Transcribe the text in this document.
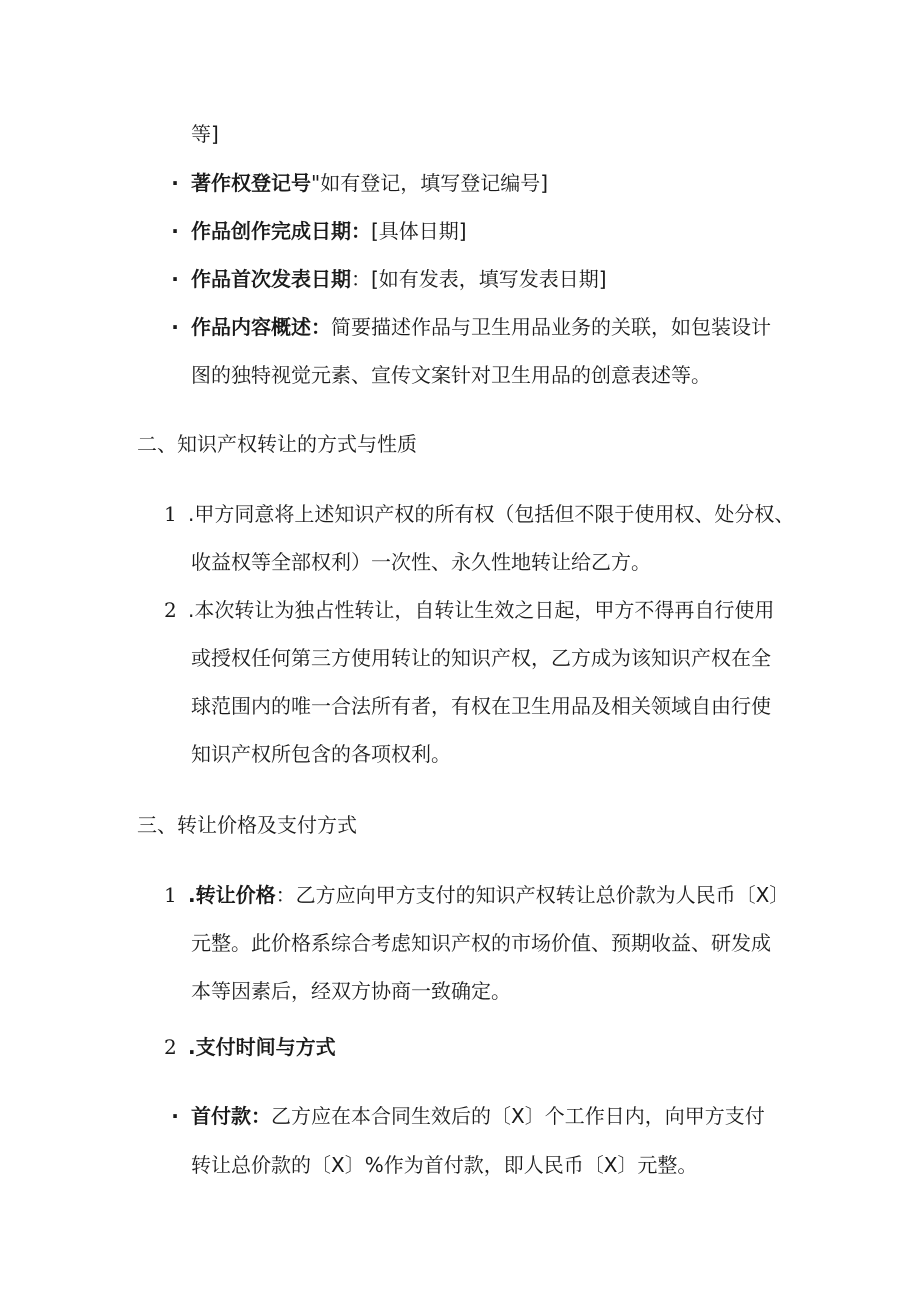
等]
· 著作权登记号"如有登记，填写登记编号]
· 作品创作完成日期：[具体日期]
· 作品首次发表日期：[如有发表，填写发表日期]
· 作品内容概述：简要描述作品与卫生用品业务的关联，如包装设计
图的独特视觉元素、宣传文案针对卫生用品的创意表述等。
二、知识产权转让的方式与性质
1 .甲方同意将上述知识产权的所有权（包括但不限于使用权、处分权、
收益权等全部权利）一次性、永久性地转让给乙方。
2 .本次转让为独占性转让，自转让生效之日起，甲方不得再自行使用
或授权任何第三方使用转让的知识产权，乙方成为该知识产权在全
球范围内的唯一合法所有者，有权在卫生用品及相关领域自由行使
知识产权所包含的各项权利。
三、转让价格及支付方式
1 .转让价格：乙方应向甲方支付的知识产权转让总价款为人民币〔X〕
元整。此价格系综合考虑知识产权的市场价值、预期收益、研发成
本等因素后，经双方协商一致确定。
2 .支付时间与方式
· 首付款：乙方应在本合同生效后的〔X〕个工作日内，向甲方支付
转让总价款的〔X〕%作为首付款，即人民币〔X〕元整。
